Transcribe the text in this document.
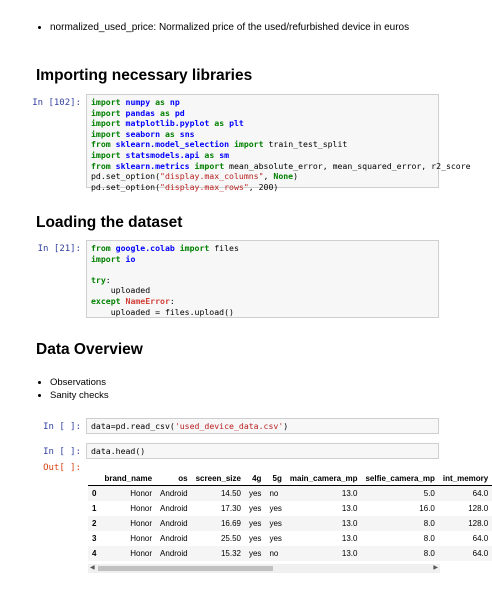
• normalized_used_price: Normalized price of the used/refurbished device in euros
Importing necessary libraries
In [102]:	import numpy as np
import pandas as pd
import matplotlib.pyplot as plt
import seaborn as sns
from sklearn.model_selection import train_test_split
import statsmodels.api as sm
from sklearn.metrics import mean_absolute_error, mean_squared_error, r2_score
pd.set_option("display.max_columns", None)
pd.set_option("display.max_rows", 200)
Loading the dataset
In [21]:	from google.colab import files
import io

try:
uploaded
except NameError:
uploaded = files.upload()
Data Overview
• Observations
• Sanity checks
In [ ]:	data=pd.read_csv('used_device_data.csv')
In [ ]:	data.head()
Out[ ]:
	brand_name	os	screen_size	4g	5g	main_camera_mp	selfie_camera_mp	int_memory
0	Honor	Android	14.50	yes	no	13.0	5.0	64.0
1	Honor	Android	17.30	yes	yes	13.0	16.0	128.0
2	Honor	Android	16.69	yes	yes	13.0	8.0	128.0
3	Honor	Android	25.50	yes	yes	13.0	8.0	64.0
4	Honor	Android	15.32	yes	no	13.0	8.0	64.0
◀	▶
